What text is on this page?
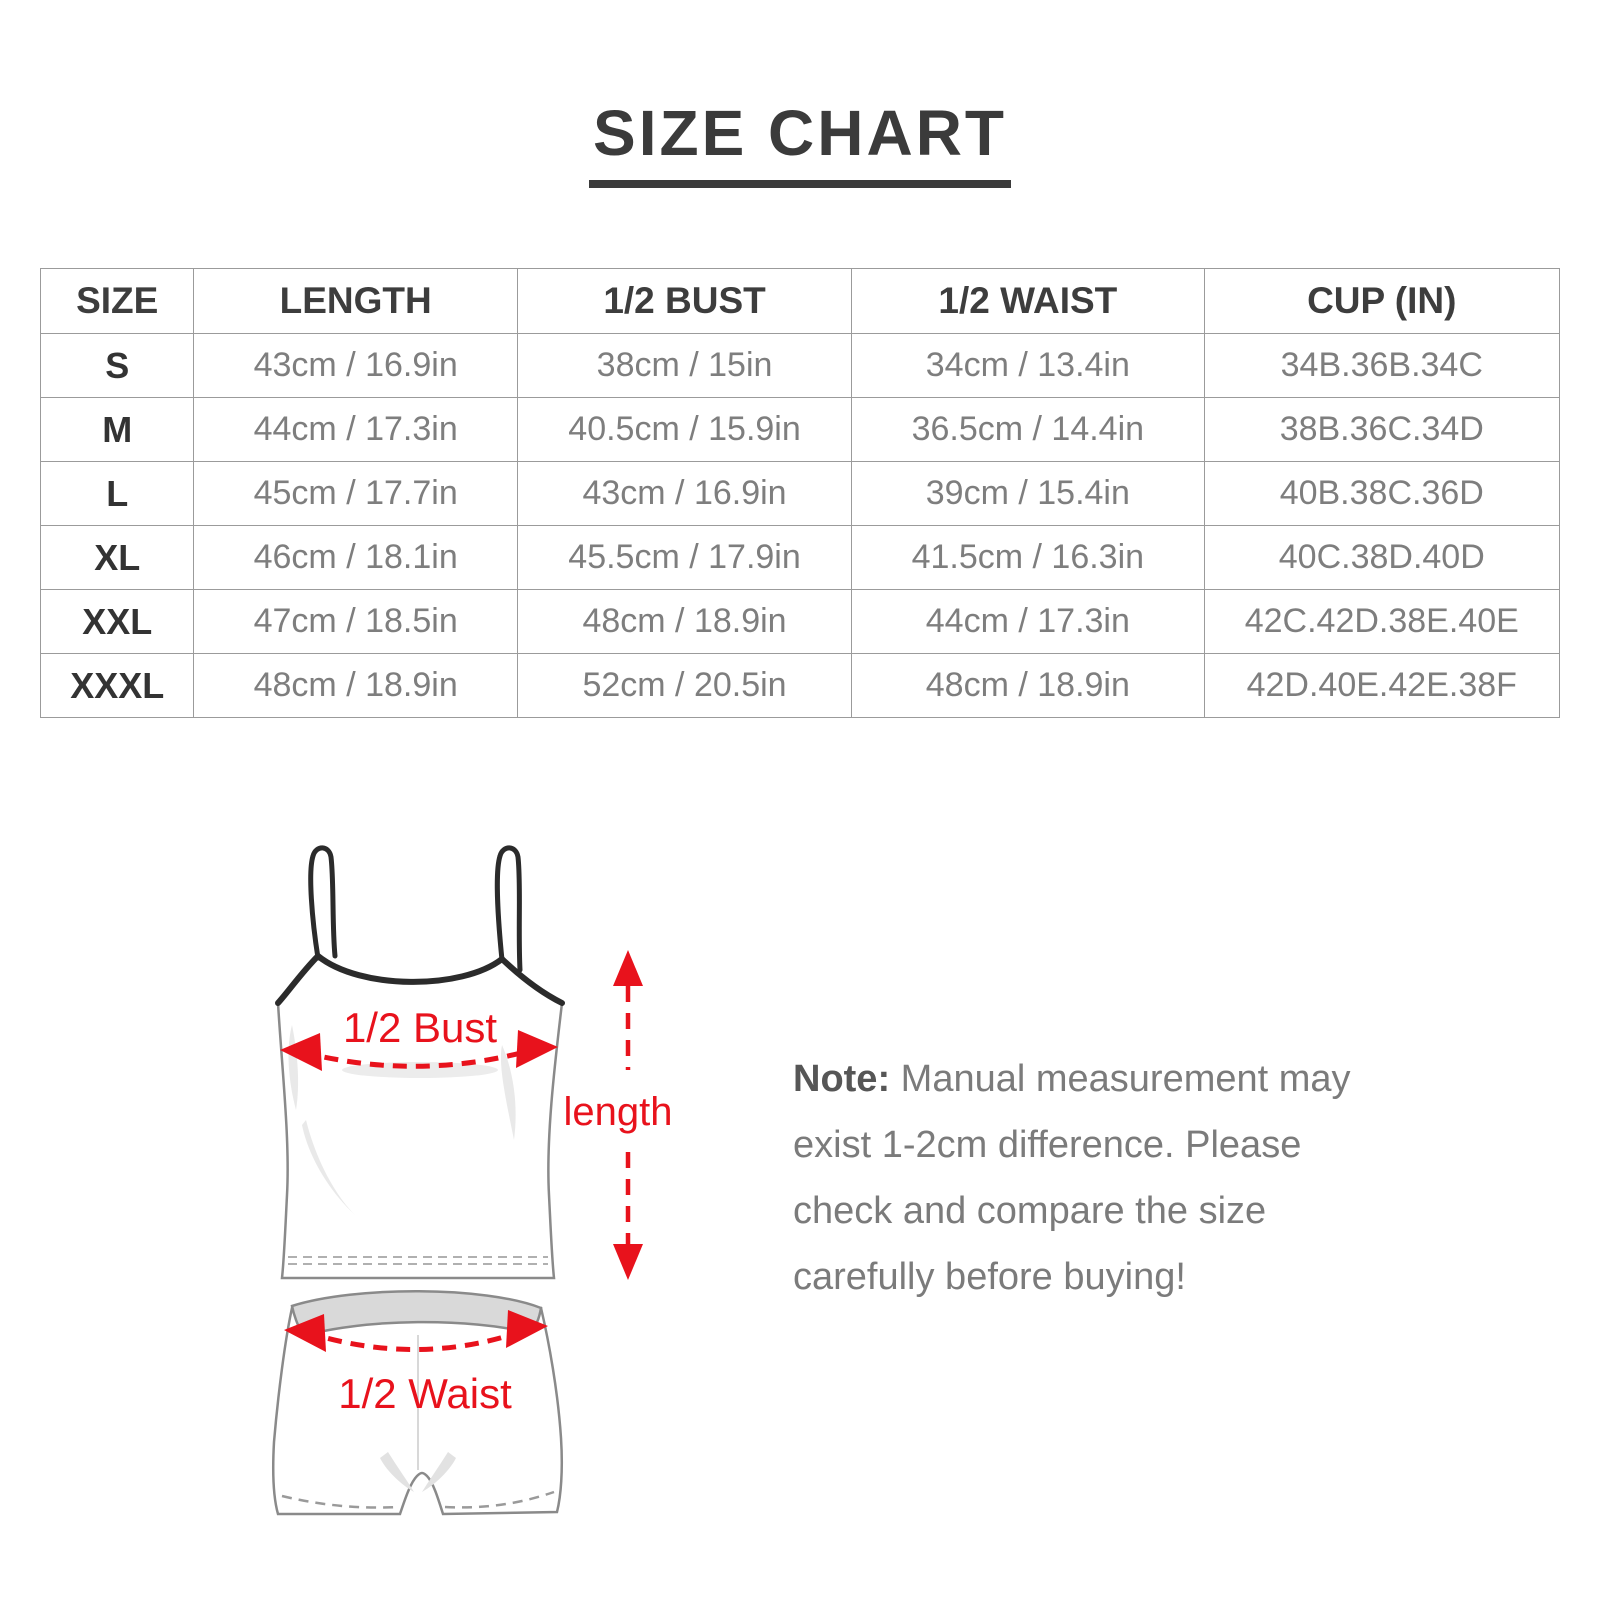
SIZE CHART
SIZE	LENGTH	1/2 BUST	1/2 WAIST	CUP (IN)
S	43cm / 16.9in	38cm / 15in	34cm / 13.4in	34B.36B.34C
M	44cm / 17.3in	40.5cm / 15.9in	36.5cm / 14.4in	38B.36C.34D
L	45cm / 17.7in	43cm / 16.9in	39cm / 15.4in	40B.38C.36D
XL	46cm / 18.1in	45.5cm / 17.9in	41.5cm / 16.3in	40C.38D.40D
XXL	47cm / 18.5in	48cm / 18.9in	44cm / 17.3in	42C.42D.38E.40E
XXXL	48cm / 18.9in	52cm / 20.5in	48cm / 18.9in	42D.40E.42E.38F
1/2 Bust
length
1/2 Waist
Note: Manual measurement may
exist 1-2cm difference. Please
check and compare the size
carefully before buying!
